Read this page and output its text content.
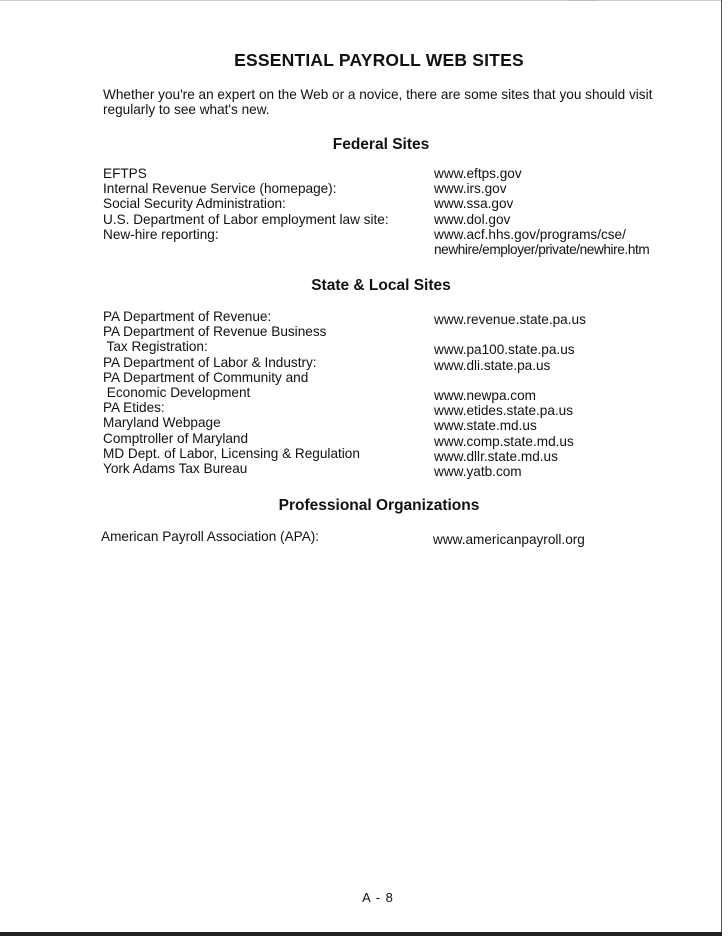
ESSENTIAL PAYROLL WEB SITES
Whether you're an expert on the Web or a novice, there are some sites that you should visit regularly to see what's new.
Federal Sites
EFTPS
Internal Revenue Service (homepage):
Social Security Administration:
U.S. Department of Labor employment law site:
New-hire reporting:
www.eftps.gov
www.irs.gov
www.ssa.gov
www.dol.gov
www.acf.hhs.gov/programs/cse/
newhire/employer/private/newhire.htm
State & Local Sites
PA Department of Revenue:
PA Department of Revenue Business
Tax Registration:
PA Department of Labor & Industry:
PA Department of Community and
Economic Development
PA Etides:
Maryland Webpage
Comptroller of Maryland
MD Dept. of Labor, Licensing & Regulation
York Adams Tax Bureau
www.revenue.state.pa.us
www.pa100.state.pa.us
www.dli.state.pa.us
www.newpa.com
www.etides.state.pa.us
www.state.md.us
www.comp.state.md.us
www.dllr.state.md.us
www.yatb.com
Professional Organizations
American Payroll Association (APA):	www.americanpayroll.org
A - 8
